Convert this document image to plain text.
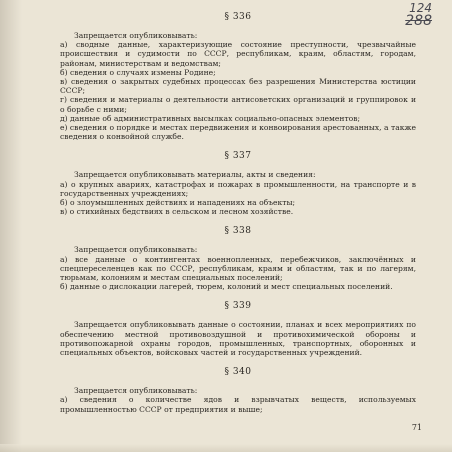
124
288
§ 336

Запрещается опубликовывать:

а) сводные данные, характеризующие состояние преступности, чрезвычайные происшествия и судимости по СССР, республикам, краям, областям, городам, районам, министерствам и ведомствам;

б) сведения о случаях измены Родине;

в) сведения о закрытых судебных процессах без разрешения Министерства юстиции СССР;

г) сведения и материалы о деятельности антисоветских организаций и группировок и о борьбе с ними;

д) данные об административных высылках социально-опасных элементов;

е) сведения о порядке и местах передвижения и конвоирования арестованных, а также сведения о конвойной службе.

§ 337

Запрещается опубликовывать материалы, акты и сведения:

а) о крупных авариях, катастрофах и пожарах в промышленности, на транспорте и в государственных учреждениях;

б) о злоумышленных действиях и нападениях на объекты;

в) о стихийных бедствиях в сельском и лесном хозяйстве.

§ 338

Запрещается опубликовывать:

а) все данные о контингентах военнопленных, перебежчиков, заключённых и спецпереселенцев как по СССР, республикам, краям и областям, так и по лагерям, тюрьмам, колониям и местам специальных поселений;

б) данные о дислокации лагерей, тюрем, колоний и мест специальных поселений.

§ 339

Запрещается опубликовывать данные о состоянии, планах и всех мероприятиях по обеспечению местной противовоздушной и противохимической обороны и противопожарной охраны городов, промышленных, транспортных, оборонных и специальных объектов, войсковых частей и государственных учреждений.

§ 340

Запрещается опубликовывать:

а) сведения о количестве ядов и взрывчатых веществ, используемых промышленностью СССР от предприятия и выше;

71
